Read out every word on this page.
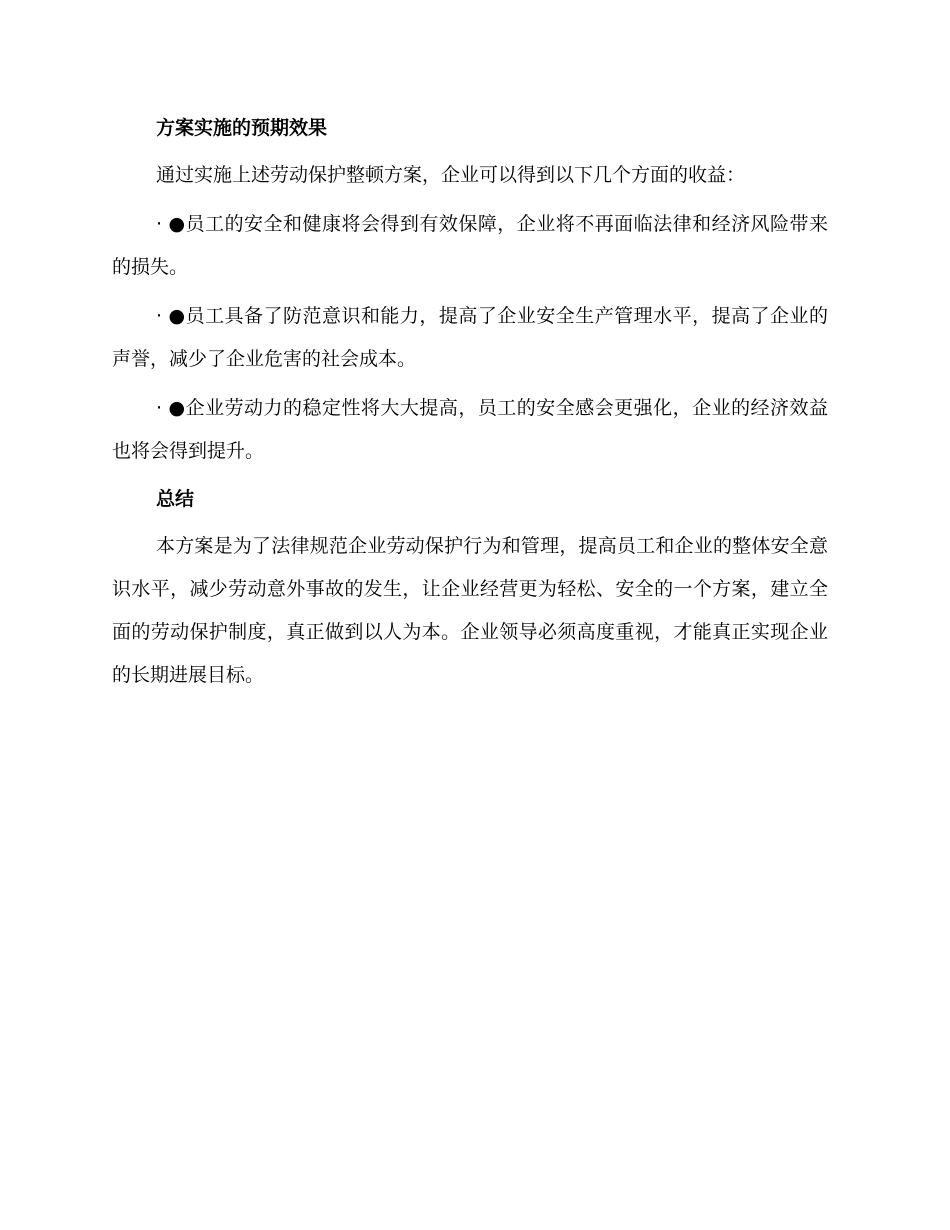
方案实施的预期效果

通过实施上述劳动保护整顿方案，企业可以得到以下几个方面的收益：

· ●员工的安全和健康将会得到有效保障，企业将不再面临法律和经济风险带来的损失。

· ●员工具备了防范意识和能力，提高了企业安全生产管理水平，提高了企业的声誉，减少了企业危害的社会成本。

· ●企业劳动力的稳定性将大大提高，员工的安全感会更强化，企业的经济效益也将会得到提升。

总结

本方案是为了法律规范企业劳动保护行为和管理，提高员工和企业的整体安全意识水平，减少劳动意外事故的发生，让企业经营更为轻松、安全的一个方案，建立全面的劳动保护制度，真正做到以人为本。企业领导必须高度重视，才能真正实现企业的长期进展目标。
